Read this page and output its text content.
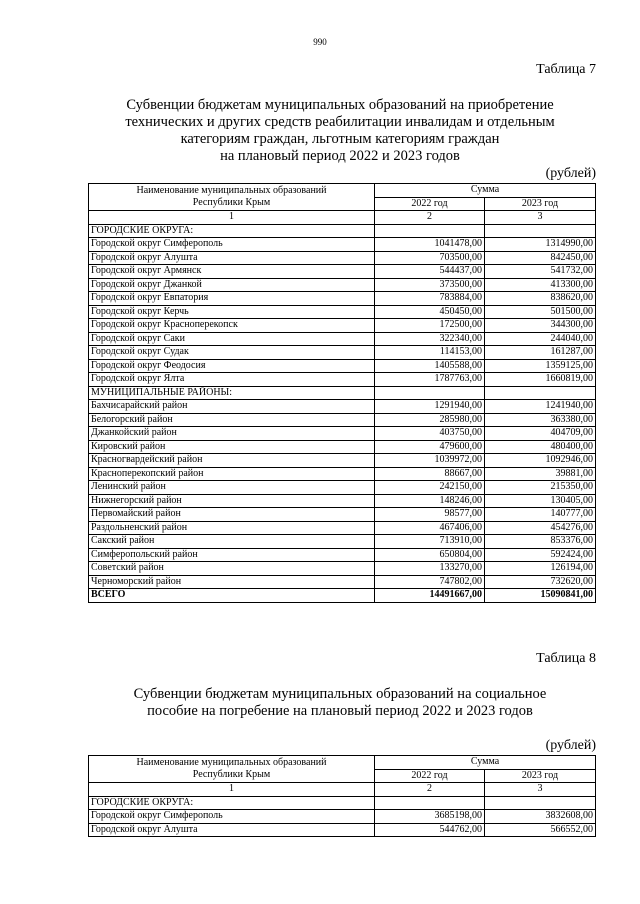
990
Таблица 7
Субвенции бюджетам муниципальных образований на приобретение
технических и других средств реабилитации инвалидам и отдельным
категориям граждан, льготным категориям граждан
на плановый период 2022 и 2023 годов
(рублей)
Наименование муниципальных образований
Республики Крым	Сумма	
	2022 год	2023 год
1	2	3
ГОРОДСКИЕ ОКРУГА:		
Городской округ Симферополь	1041478,00	1314990,00
Городской округ Алушта	703500,00	842450,00
Городской округ Армянск	544437,00	541732,00
Городской округ Джанкой	373500,00	413300,00
Городской округ Евпатория	783884,00	838620,00
Городской округ Керчь	450450,00	501500,00
Городской округ Красноперекопск	172500,00	344300,00
Городской округ Саки	322340,00	244040,00
Городской округ Судак	114153,00	161287,00
Городской округ Феодосия	1405588,00	1359125,00
Городской округ Ялта	1787763,00	1660819,00
МУНИЦИПАЛЬНЫЕ РАЙОНЫ:		
Бахчисарайский район	1291940,00	1241940,00
Белогорский район	285980,00	363380,00
Джанкойский район	403750,00	404709,00
Кировский район	479600,00	480400,00
Красногвардейский район	1039972,00	1092946,00
Красноперекопский район	88667,00	39881,00
Ленинский район	242150,00	215350,00
Нижнегорский район	148246,00	130405,00
Первомайский район	98577,00	140777,00
Раздольненский район	467406,00	454276,00
Сакский район	713910,00	853376,00
Симферопольский район	650804,00	592424,00
Советский район	133270,00	126194,00
Черноморский район	747802,00	732620,00
ВСЕГО	14491667,00	15090841,00
Таблица 8
Субвенции бюджетам муниципальных образований на социальное
пособие на погребение на плановый период 2022 и 2023 годов
(рублей)
Наименование муниципальных образований
Республики Крым	Сумма	
	2022 год	2023 год
1	2	3
ГОРОДСКИЕ ОКРУГА:		
Городской округ Симферополь	3685198,00	3832608,00
Городской округ Алушта	544762,00	566552,00
